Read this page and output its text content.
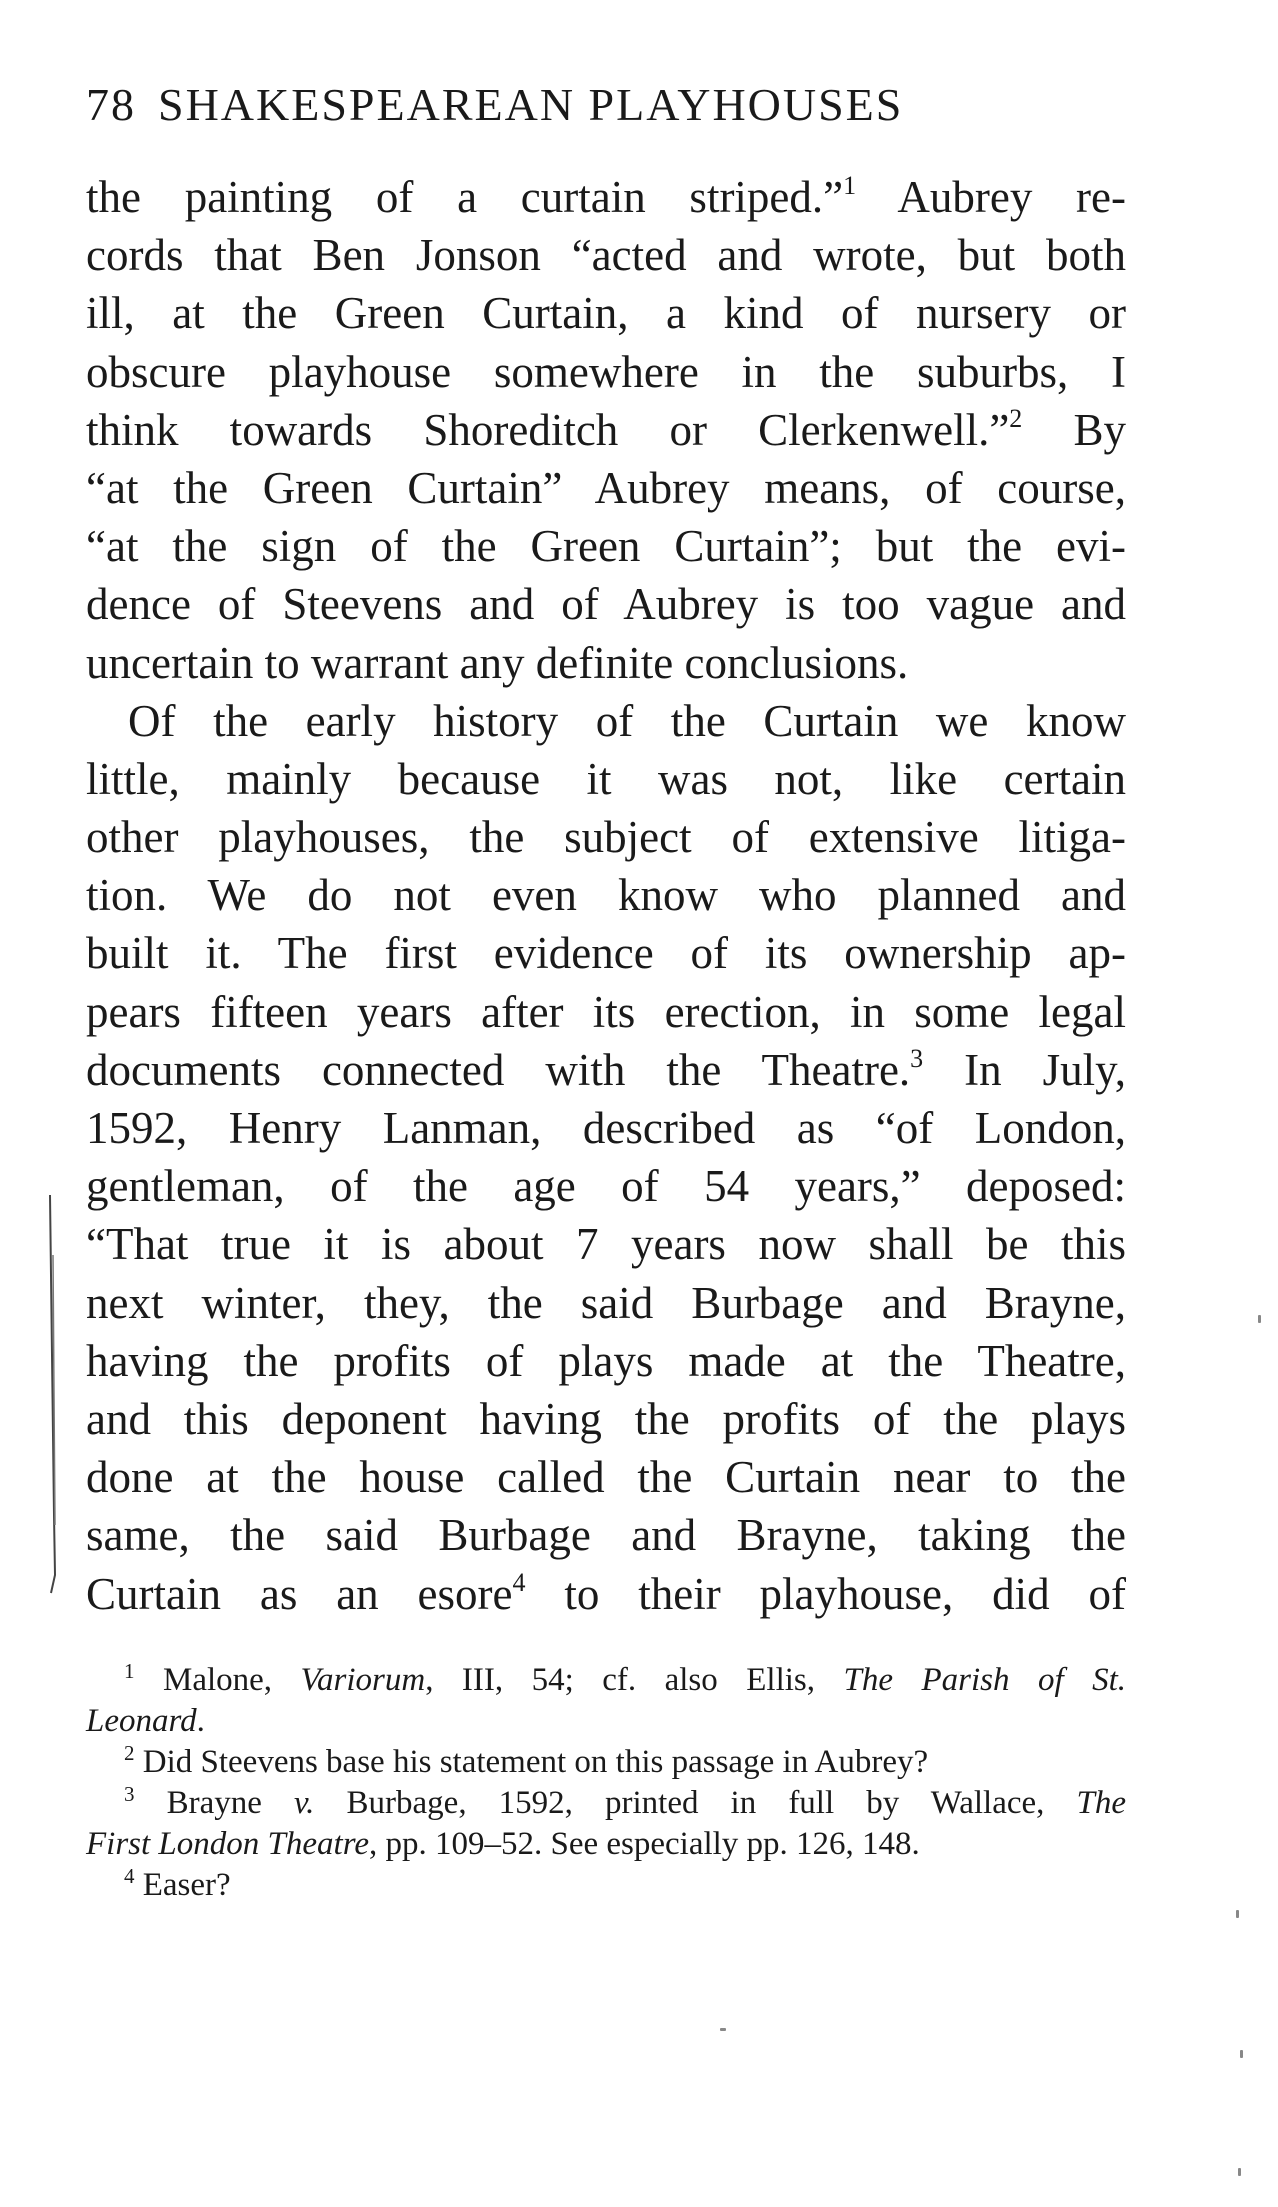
78 SHAKESPEAREAN PLAYHOUSES
the painting of a curtain striped.”$^1$ Aubrey re-
cords that Ben Jonson “acted and wrote, but both
ill, at the Green Curtain, a kind of nursery or
obscure playhouse somewhere in the suburbs, I
think towards Shoreditch or Clerkenwell.”$^2$ By
“at the Green Curtain” Aubrey means, of course,
“at the sign of the Green Curtain”; but the evi-
dence of Steevens and of Aubrey is too vague and
uncertain to warrant any definite conclusions.
Of the early history of the Curtain we know
little, mainly because it was not, like certain
other playhouses, the subject of extensive litiga-
tion. We do not even know who planned and
built it. The first evidence of its ownership ap-
pears fifteen years after its erection, in some legal
documents connected with the Theatre.$^3$ In July,
1592, Henry Lanman, described as “of London,
gentleman, of the age of 54 years,” deposed:
“That true it is about 7 years now shall be this
next winter, they, the said Burbage and Brayne,
having the profits of plays made at the Theatre,
and this deponent having the profits of the plays
done at the house called the Curtain near to the
same, the said Burbage and Brayne, taking the
Curtain as an esore$^4$ to their playhouse, did of
$^1$ Malone, Variorum, III, 54; cf. also Ellis, The Parish of St.
Leonard.
$^2$ Did Steevens base his statement on this passage in Aubrey?
$^3$ Brayne v. Burbage, 1592, printed in full by Wallace, The
First London Theatre, pp. 109–52. See especially pp. 126, 148.
$^4$ Easer?
